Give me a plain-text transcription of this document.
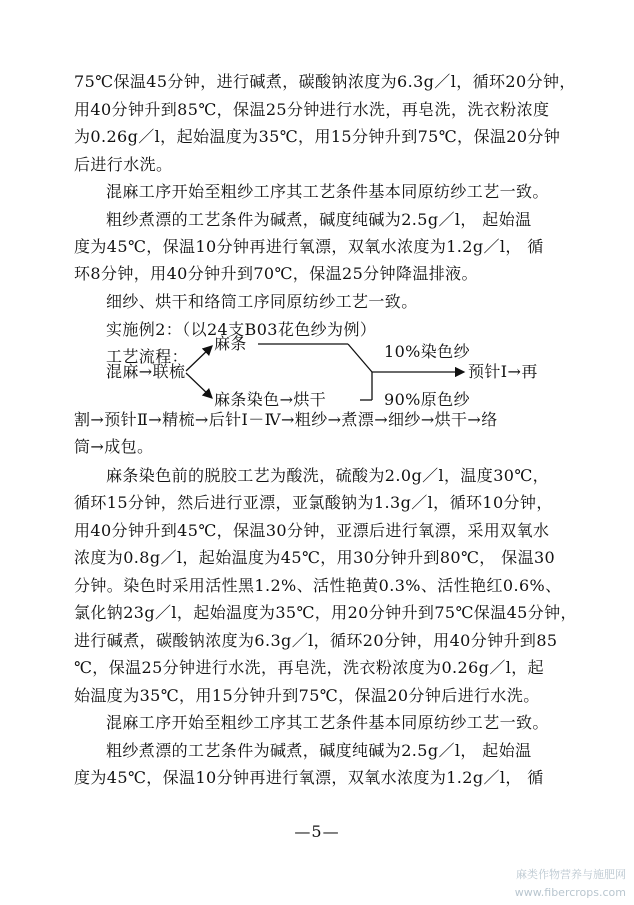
75℃保温45分钟，进行碱煮，碳酸钠浓度为6.3g／l，循环20分钟，
用40分钟升到85℃，保温25分钟进行水洗，再皂洗，洗衣粉浓度
为0.26g／l，起始温度为35℃，用15分钟升到75℃，保温20分钟
后进行水洗。
混麻工序开始至粗纱工序其工艺条件基本同原纺纱工艺一致。
粗纱煮漂的工艺条件为碱煮，碱度纯碱为2.5g／l， 起始温
度为45℃，保温10分钟再进行氧漂，双氧水浓度为1.2g／l， 循
环8分钟，用40分钟升到70℃，保温25分钟降温排液。
细纱、烘干和络筒工序同原纺纱工艺一致。
实施例2：（以24支B03花色纱为例）
工艺流程：
混麻→联梳
麻条
麻条染色→烘干
10%染色纱
90%原色纱
预针Ⅰ→再
割→预针Ⅱ→精梳→后针Ⅰ－Ⅳ→粗纱→煮漂→细纱→烘干→络
筒→成包。
麻条染色前的脱胶工艺为酸洗，硫酸为2.0g／l，温度30℃，
循环15分钟，然后进行亚漂，亚氯酸钠为1.3g／l，循环10分钟，
用40分钟升到45℃，保温30分钟，亚漂后进行氧漂，采用双氧水
浓度为0.8g／l，起始温度为45℃，用30分钟升到80℃， 保温30
分钟。染色时采用活性黑1.2%、活性艳黄0.3%、活性艳红0.6%、
氯化钠23g／l，起始温度为35℃，用20分钟升到75℃保温45分钟，
进行碱煮，碳酸钠浓度为6.3g／l，循环20分钟，用40分钟升到85
℃，保温25分钟进行水洗，再皂洗，洗衣粉浓度为0.26g／l，起
始温度为35℃，用15分钟升到75℃，保温20分钟后进行水洗。
混麻工序开始至粗纱工序其工艺条件基本同原纺纱工艺一致。
粗纱煮漂的工艺条件为碱煮，碱度纯碱为2.5g／l， 起始温
度为45℃，保温10分钟再进行氧漂，双氧水浓度为1.2g／l， 循
—5—
麻类作物营养与施肥网
www.fibercrops.com
